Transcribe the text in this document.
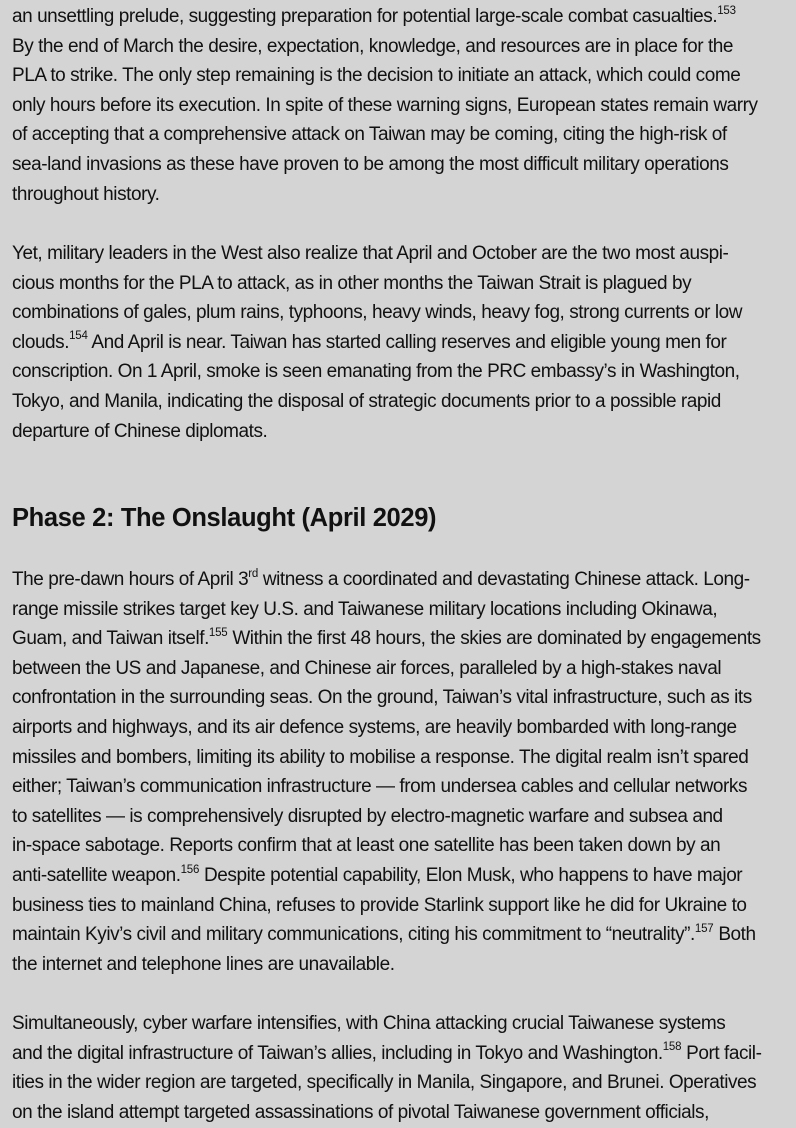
an unsettling prelude, suggesting preparation for potential large-scale combat casualties.$^{153}$
By the end of March the desire, expectation, knowledge, and resources are in place for the
PLA to strike. The only step remaining is the decision to initiate an attack, which could come
only hours before its execution. In spite of these warning signs, European states remain warry
of accepting that a comprehensive attack on Taiwan may be coming, citing the high-risk of
sea-land invasions as these have proven to be among the most difficult military operations
throughout history.
Yet, military leaders in the West also realize that April and October are the two most auspi-
cious months for the PLA to attack, as in other months the Taiwan Strait is plagued by
combinations of gales, plum rains, typhoons, heavy winds, heavy fog, strong currents or low
clouds.$^{154}$ And April is near. Taiwan has started calling reserves and eligible young men for
conscription. On 1 April, smoke is seen emanating from the PRC embassy’s in Washington,
Tokyo, and Manila, indicating the disposal of strategic documents prior to a possible rapid
departure of Chinese diplomats.
Phase 2: The Onslaught (April 2029)
The pre-dawn hours of April 3rd witness a coordinated and devastating Chinese attack. Long-
range missile strikes target key U.S. and Taiwanese military locations including Okinawa,
Guam, and Taiwan itself.$^{155}$ Within the first 48 hours, the skies are dominated by engagements
between the US and Japanese, and Chinese air forces, paralleled by a high-stakes naval
confrontation in the surrounding seas. On the ground, Taiwan’s vital infrastructure, such as its
airports and highways, and its air defence systems, are heavily bombarded with long-range
missiles and bombers, limiting its ability to mobilise a response. The digital realm isn’t spared
either; Taiwan’s communication infrastructure — from undersea cables and cellular networks
to satellites — is comprehensively disrupted by electro-magnetic warfare and subsea and
in-space sabotage. Reports confirm that at least one satellite has been taken down by an
anti-satellite weapon.$^{156}$ Despite potential capability, Elon Musk, who happens to have major
business ties to mainland China, refuses to provide Starlink support like he did for Ukraine to
maintain Kyiv’s civil and military communications, citing his commitment to “neutrality”.$^{157}$ Both
the internet and telephone lines are unavailable.
Simultaneously, cyber warfare intensifies, with China attacking crucial Taiwanese systems
and the digital infrastructure of Taiwan’s allies, including in Tokyo and Washington.$^{158}$ Port facil-
ities in the wider region are targeted, specifically in Manila, Singapore, and Brunei. Operatives
on the island attempt targeted assassinations of pivotal Taiwanese government officials,
